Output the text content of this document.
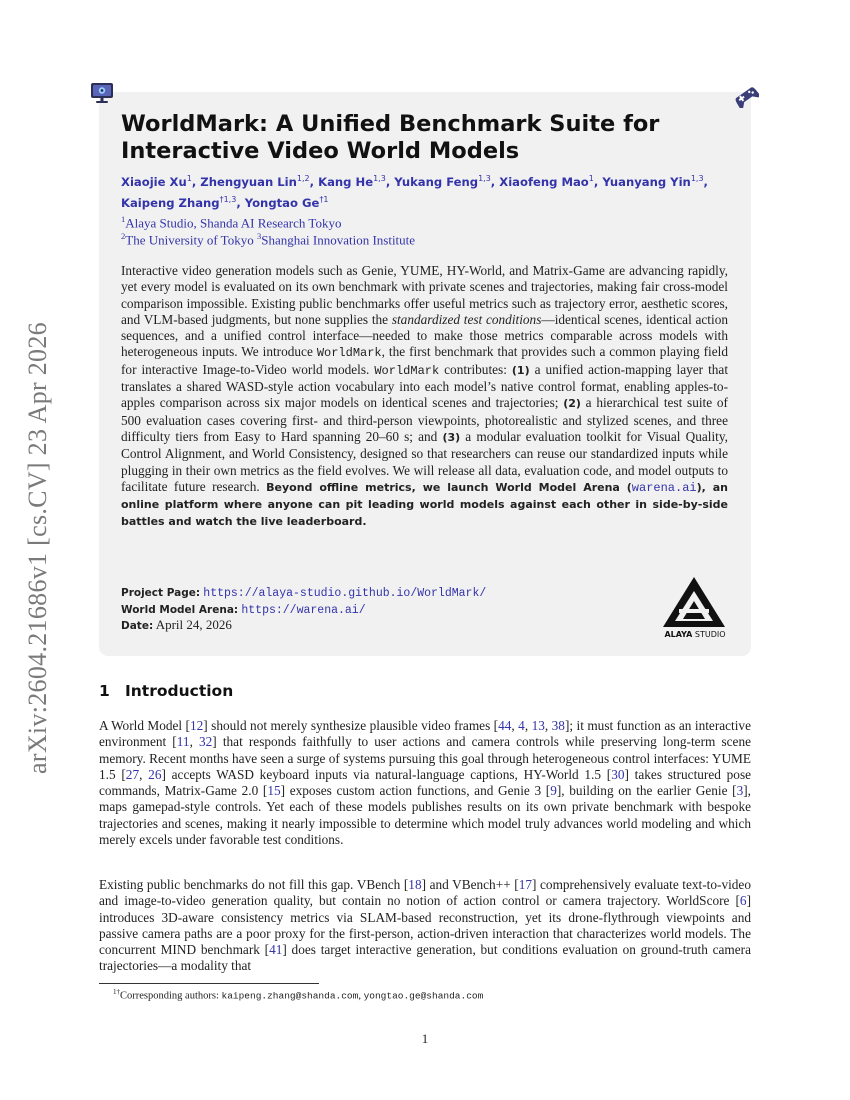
arXiv:2604.21686v1 [cs.CV] 23 Apr 2026
WorldMark: A Unified Benchmark Suite for Interactive Video World Models
Xiaojie Xu$^1$, Zhengyuan Lin$^{1,2}$, Kang He$^{1,3}$, Yukang Feng$^{1,3}$, Xiaofeng Mao$^1$, Yuanyang Yin$^{1,3}$, Kaipeng Zhang$^{\dagger 1,3}$, Yongtao Ge$^{\dagger 1}$
$^1$Alaya Studio, Shanda AI Research Tokyo
$^2$The University of Tokyo $^3$Shanghai Innovation Institute
Interactive video generation models such as Genie, YUME, HY-World, and Matrix-Game are advancing rapidly, yet every model is evaluated on its own benchmark with private scenes and trajectories, making fair cross-model comparison impossible. Existing public benchmarks offer useful metrics such as trajectory error, aesthetic scores, and VLM-based judgments, but none supplies the standardized test conditions—identical scenes, identical action sequences, and a unified control interface—needed to make those metrics comparable across models with heterogeneous inputs. We introduce WorldMark, the first benchmark that provides such a common playing field for interactive Image-to-Video world models. WorldMark contributes: (1) a unified action-mapping layer that translates a shared WASD-style action vocabulary into each model’s native control format, enabling apples-to-apples comparison across six major models on identical scenes and trajectories; (2) a hierarchical test suite of 500 evaluation cases covering first- and third-person viewpoints, photorealistic and stylized scenes, and three difficulty tiers from Easy to Hard spanning 20–60 s; and (3) a modular evaluation toolkit for Visual Quality, Control Alignment, and World Consistency, designed so that researchers can reuse our standardized inputs while plugging in their own metrics as the field evolves. We will release all data, evaluation code, and model outputs to facilitate future research. Beyond offline metrics, we launch World Model Arena (warena.ai), an online platform where anyone can pit leading world models against each other in side-by-side battles and watch the live leaderboard.
Project Page: https://alaya-studio.github.io/WorldMark/
World Model Arena: https://warena.ai/
Date: April 24, 2026
ALAYA STUDIO
1 Introduction
A World Model [12] should not merely synthesize plausible video frames [44, 4, 13, 38]; it must function as an interactive environment [11, 32] that responds faithfully to user actions and camera controls while preserving long-term scene memory. Recent months have seen a surge of systems pursuing this goal through heterogeneous control interfaces: YUME 1.5 [27, 26] accepts WASD keyboard inputs via natural-language captions, HY-World 1.5 [30] takes structured pose commands, Matrix-Game 2.0 [15] exposes custom action functions, and Genie 3 [9], building on the earlier Genie [3], maps gamepad-style controls. Yet each of these models publishes results on its own private benchmark with bespoke trajectories and scenes, making it nearly impossible to determine which model truly advances world modeling and which merely excels under favorable test conditions.
Existing public benchmarks do not fill this gap. VBench [18] and VBench++ [17] comprehensively evaluate text-to-video and image-to-video generation quality, but contain no notion of action control or camera trajectory. WorldScore [6] introduces 3D-aware consistency metrics via SLAM-based reconstruction, yet its drone-flythrough viewpoints and passive camera paths are a poor proxy for the first-person, action-driven interaction that characterizes world models. The concurrent MIND benchmark [41] does target interactive generation, but conditions evaluation on ground-truth camera trajectories—a modality that
$^{1\dagger}$Corresponding authors: kaipeng.zhang@shanda.com, yongtao.ge@shanda.com
1
